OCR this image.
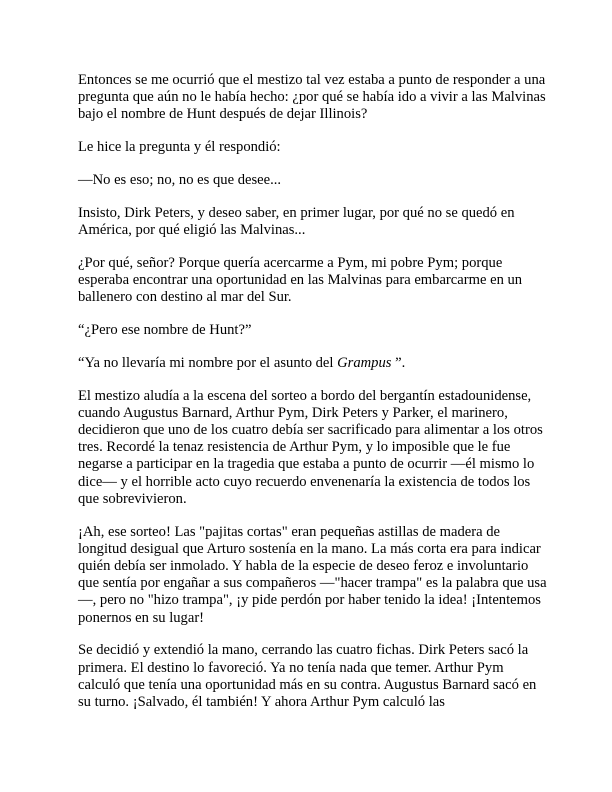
Entonces se me ocurrió que el mestizo tal vez estaba a punto de responder a una pregunta que aún no le había hecho: ¿por qué se había ido a vivir a las Malvinas bajo el nombre de Hunt después de dejar Illinois?

Le hice la pregunta y él respondió:

—No es eso; no, no es que desee...

Insisto, Dirk Peters, y deseo saber, en primer lugar, por qué no se quedó en América, por qué eligió las Malvinas...

¿Por qué, señor? Porque quería acercarme a Pym, mi pobre Pym; porque esperaba encontrar una oportunidad en las Malvinas para embarcarme en un ballenero con destino al mar del Sur.

“¿Pero ese nombre de Hunt?”

“Ya no llevaría mi nombre por el asunto del Grampus ”.

El mestizo aludía a la escena del sorteo a bordo del bergantín estadounidense, cuando Augustus Barnard, Arthur Pym, Dirk Peters y Parker, el marinero, decidieron que uno de los cuatro debía ser sacrificado para alimentar a los otros tres. Recordé la tenaz resistencia de Arthur Pym, y lo imposible que le fue negarse a participar en la tragedia que estaba a punto de ocurrir —él mismo lo dice— y el horrible acto cuyo recuerdo envenenaría la existencia de todos los que sobrevivieron.

¡Ah, ese sorteo! Las "pajitas cortas" eran pequeñas astillas de madera de longitud desigual que Arturo sostenía en la mano. La más corta era para indicar quién debía ser inmolado. Y habla de la especie de deseo feroz e involuntario que sentía por engañar a sus compañeros —"hacer trampa" es la palabra que usa—, pero no "hizo trampa", ¡y pide perdón por haber tenido la idea! ¡Intentemos ponernos en su lugar!

Se decidió y extendió la mano, cerrando las cuatro fichas. Dirk Peters sacó la primera. El destino lo favoreció. Ya no tenía nada que temer. Arthur Pym calculó que tenía una oportunidad más en su contra. Augustus Barnard sacó en su turno. ¡Salvado, él también! Y ahora Arthur Pym calculó las
